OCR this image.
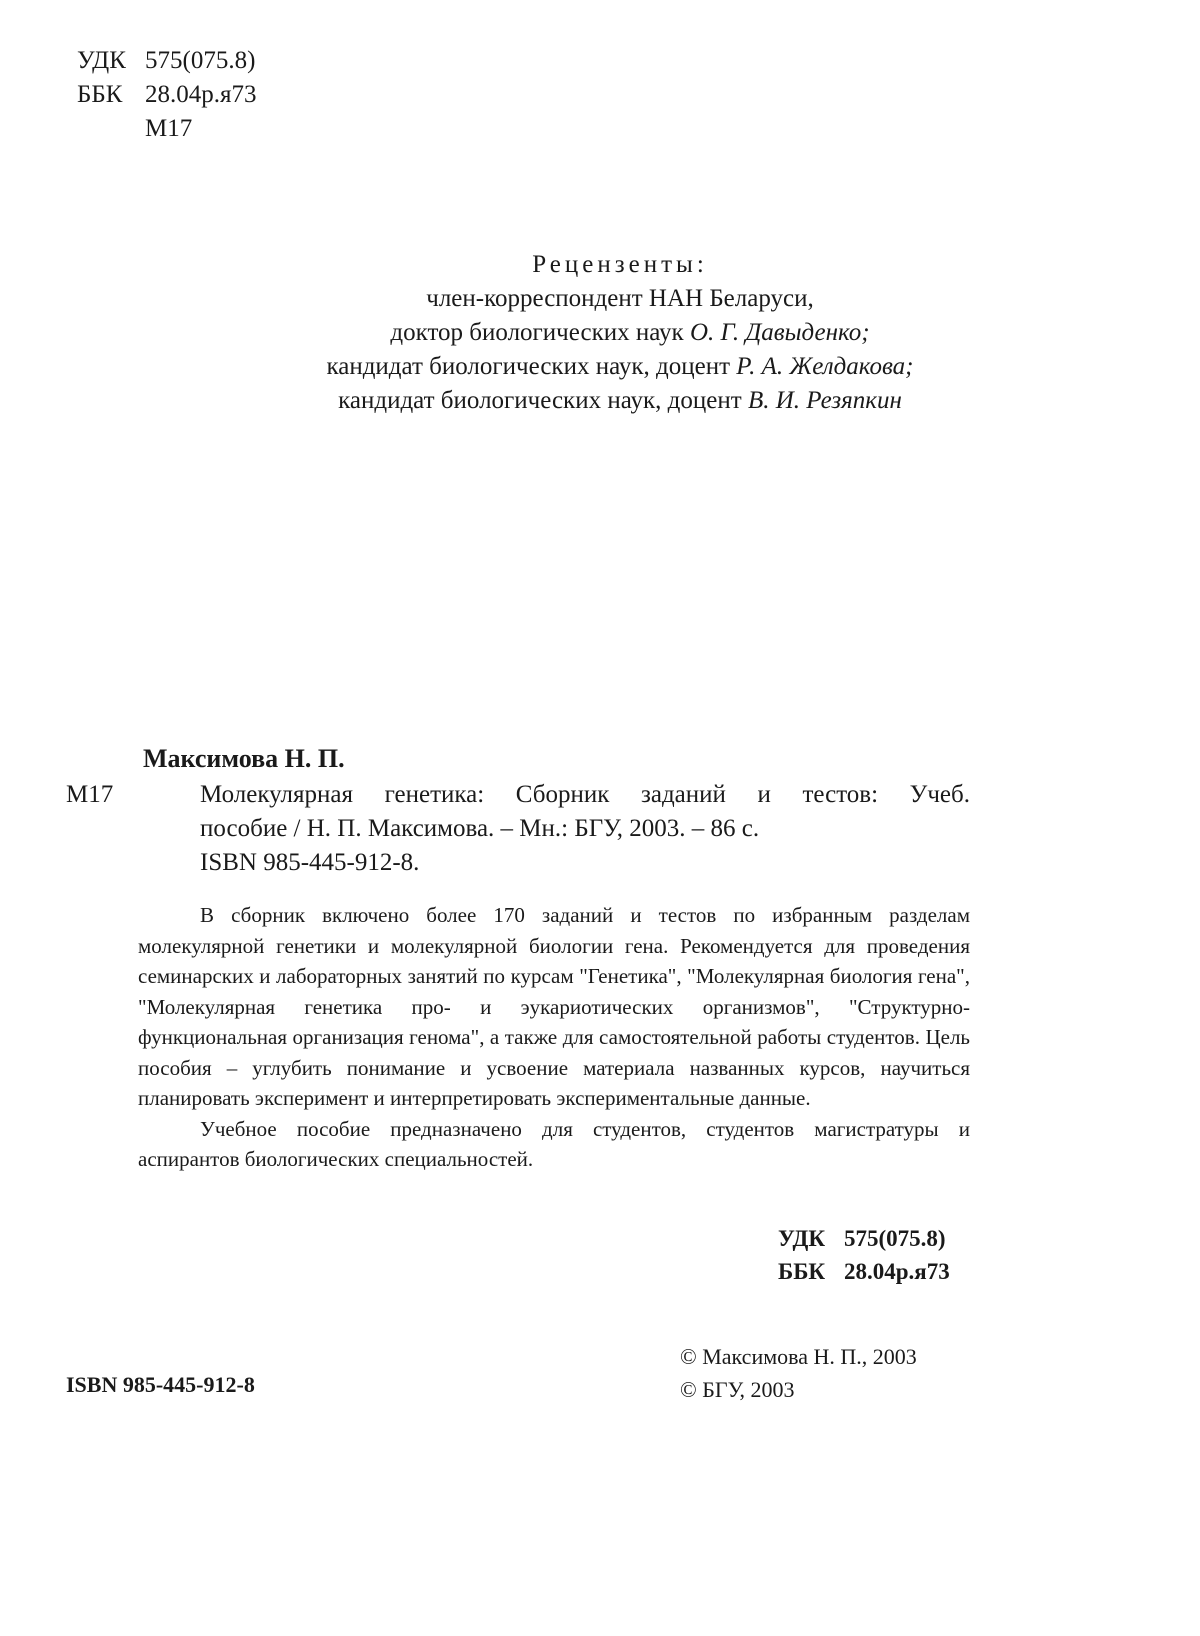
УДК 575(075.8)
ББК 28.04р.я73
М17
Рецензенты:
член-корреспондент НАН Беларуси,
доктор биологических наук О. Г. Давыденко;
кандидат биологических наук, доцент Р. А. Желдакова;
кандидат биологических наук, доцент В. И. Резяпкин
Максимова Н. П.
М17	Молекулярная генетика: Сборник заданий и тестов: Учеб.
пособие / Н. П. Максимова. – Мн.: БГУ, 2003. – 86 с.
ISBN 985-445-912-8.

В сборник включено более 170 заданий и тестов по избранным разделам молекулярной генетики и молекулярной биологии гена. Рекомендуется для проведения семинарских и лабораторных занятий по курсам "Генетика", "Молекулярная биология гена", "Молекулярная генетика про- и эукариотических организмов", "Структурно-функциональная организация генома", а также для самостоятельной работы студентов. Цель пособия – углубить понимание и усвоение материала названных курсов, научиться планировать эксперимент и интерпретировать экспериментальные данные.

Учебное пособие предназначено для студентов, студентов магистратуры и аспирантов биологических специальностей.

УДК 575(075.8)
ББК 28.04р.я73
ISBN 985-445-912-8
© Максимова Н. П., 2003
© БГУ, 2003
